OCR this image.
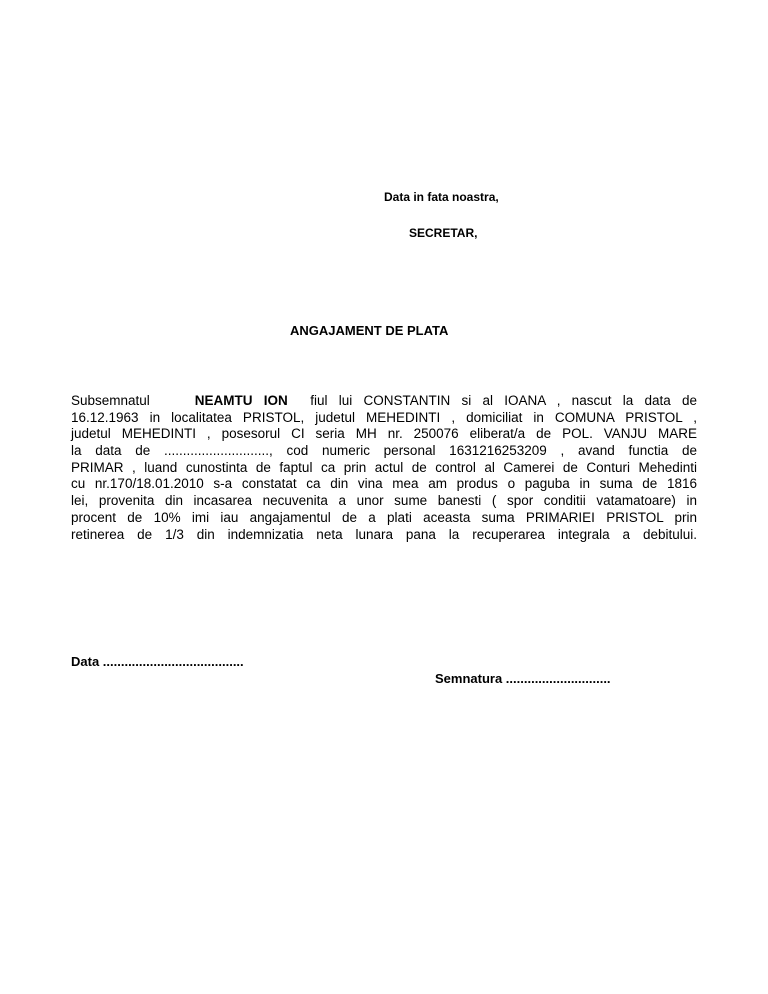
Data in fata noastra,
SECRETAR,
ANGAJAMENT DE PLATA
Subsemnatul	NEAMTU ION fiul lui CONSTANTIN si al IOANA , nascut la data de
16.12.1963 in localitatea PRISTOL, judetul MEHEDINTI , domiciliat in COMUNA PRISTOL ,
judetul MEHEDINTI , posesorul CI seria MH nr. 250076 eliberat/a de POL. VANJU MARE
la data de ............................, cod numeric personal 1631216253209 , avand functia de
PRIMAR , luand cunostinta de faptul ca prin actul de control al Camerei de Conturi Mehedinti
cu nr.170/18.01.2010 s-a constatat ca din vina mea am produs o paguba in suma de 1816
lei, provenita din incasarea necuvenita a unor sume banesti ( spor conditii vatamatoare) in
procent de 10% imi iau angajamentul de a plati aceasta suma PRIMARIEI PRISTOL prin
retinerea de 1/3 din indemnizatia neta lunara pana la recuperarea integrala a debitului.
Data .......................................
Semnatura .............................
